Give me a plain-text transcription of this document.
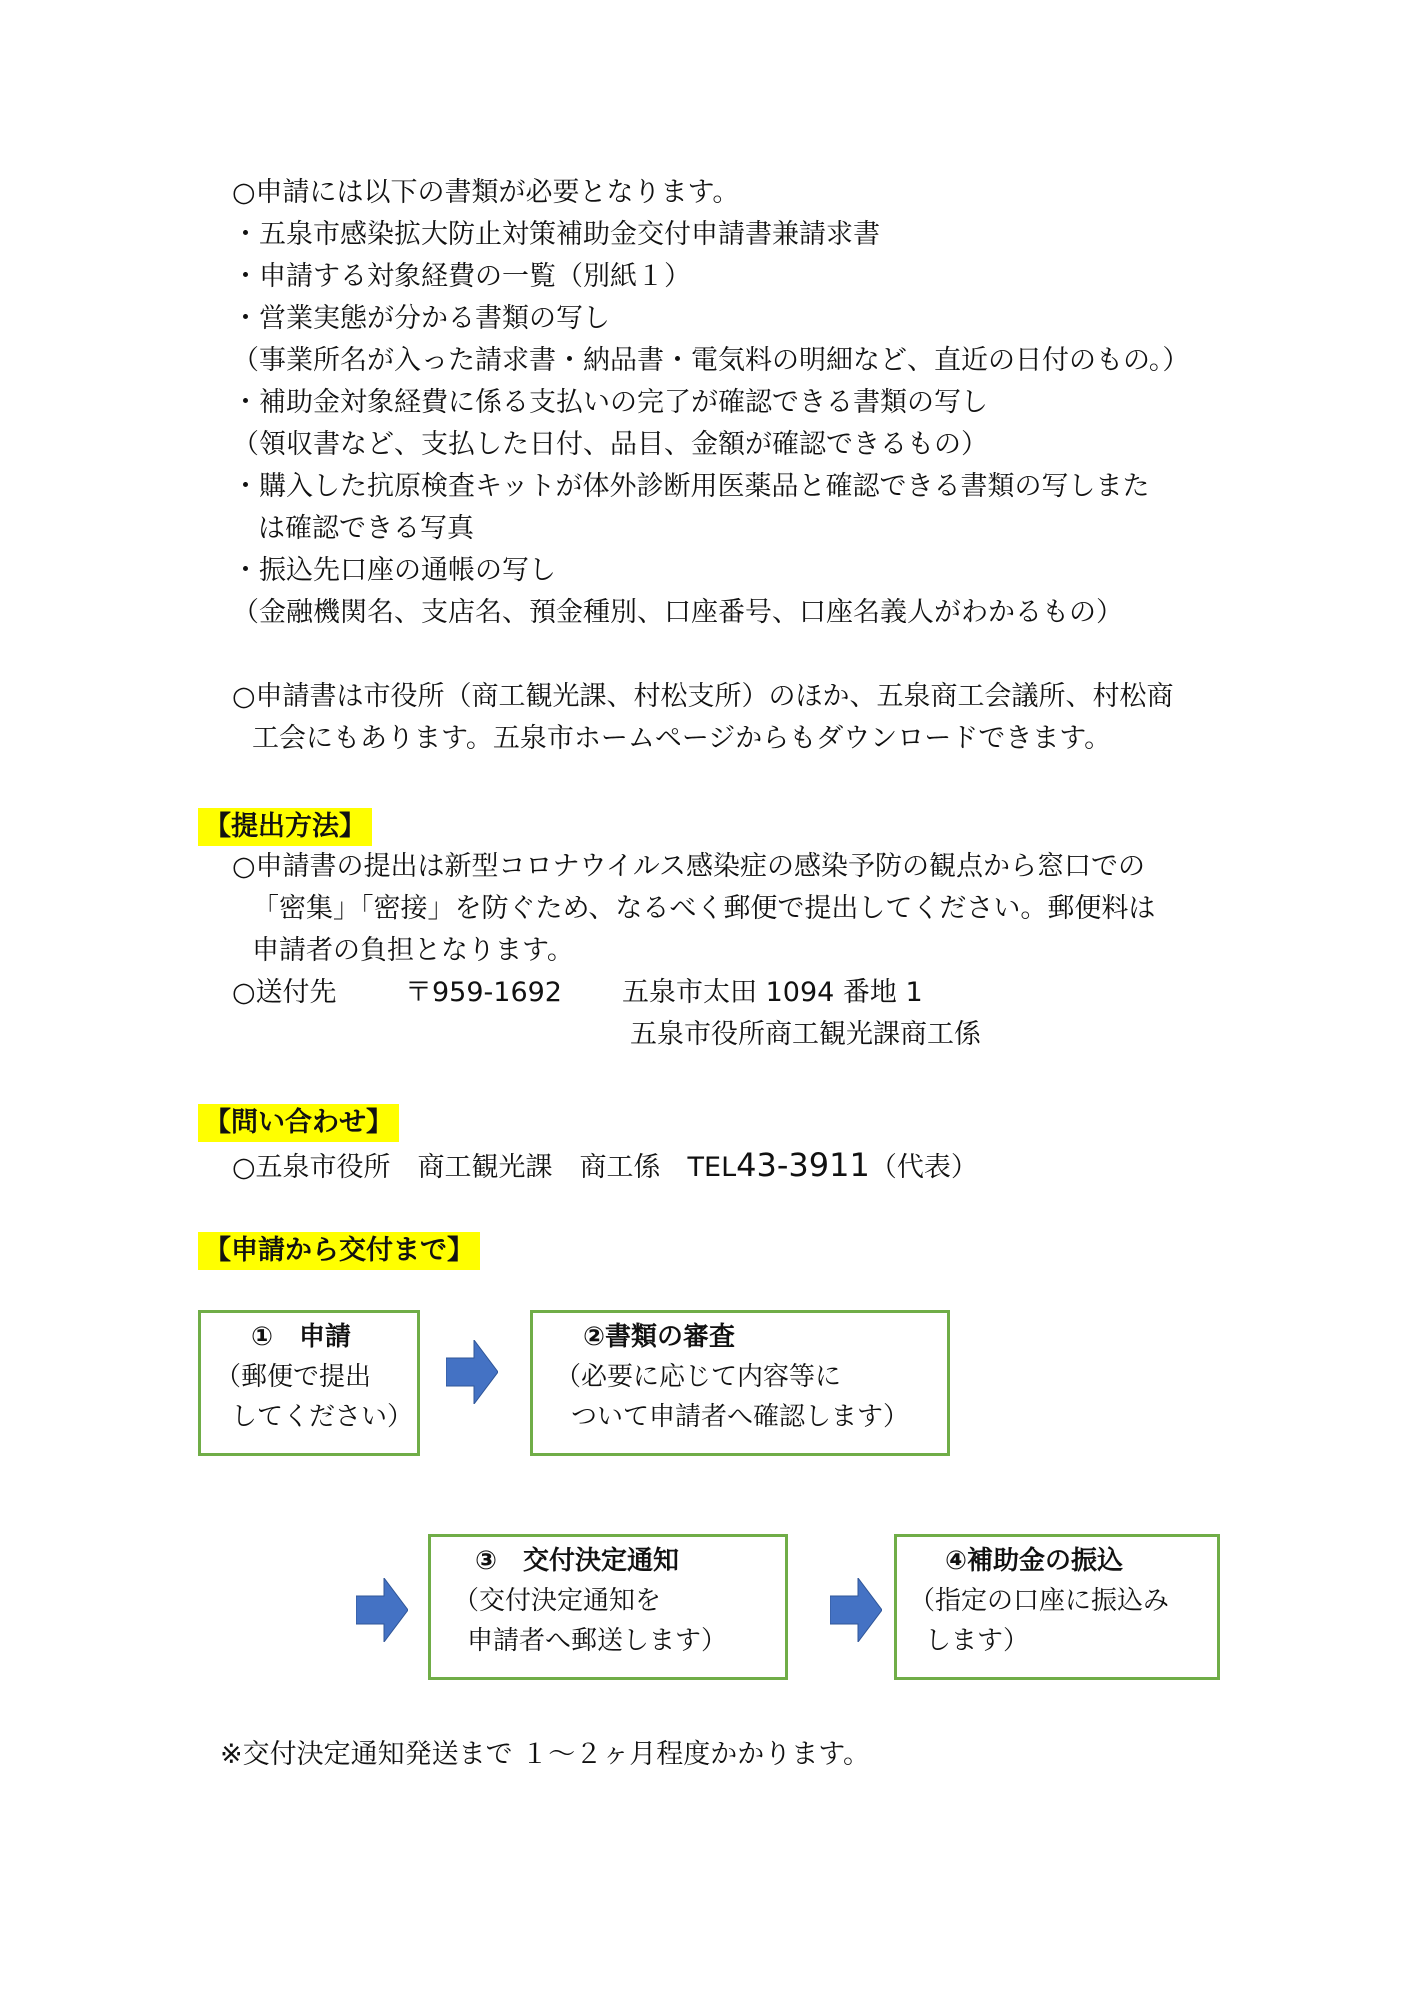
○申請には以下の書類が必要となります。
・五泉市感染拡大防止対策補助金交付申請書兼請求書
・申請する対象経費の一覧（別紙１）
・営業実態が分かる書類の写し
（事業所名が入った請求書・納品書・電気料の明細など、直近の日付のもの。）
・補助金対象経費に係る支払いの完了が確認できる書類の写し
（領収書など、支払した日付、品目、金額が確認できるもの）
・購入した抗原検査キットが体外診断用医薬品と確認できる書類の写しまた
は確認できる写真
・振込先口座の通帳の写し
（金融機関名、支店名、預金種別、口座番号、口座名義人がわかるもの）
○申請書は市役所（商工観光課、村松支所）のほか、五泉商工会議所、村松商
工会にもあります。五泉市ホームページからもダウンロードできます。
【提出方法】
○申請書の提出は新型コロナウイルス感染症の感染予防の観点から窓口での
「密集」「密接」を防ぐため、なるべく郵便で提出してください。郵便料は
申請者の負担となります。
○送付先	〒959-1692 五泉市太田 1094 番地 1
五泉市役所商工観光課商工係
【問い合わせ】
○五泉市役所　商工観光課　商工係　TEL43-3911（代表）
【申請から交付まで】
①　申請
（郵便で提出
してください）
②書類の審査
（必要に応じて内容等に
ついて申請者へ確認します）
③　交付決定通知
（交付決定通知を
申請者へ郵送します）
④補助金の振込
（指定の口座に振込み
します）
※交付決定通知発送まで １～２ヶ月程度かかります。
